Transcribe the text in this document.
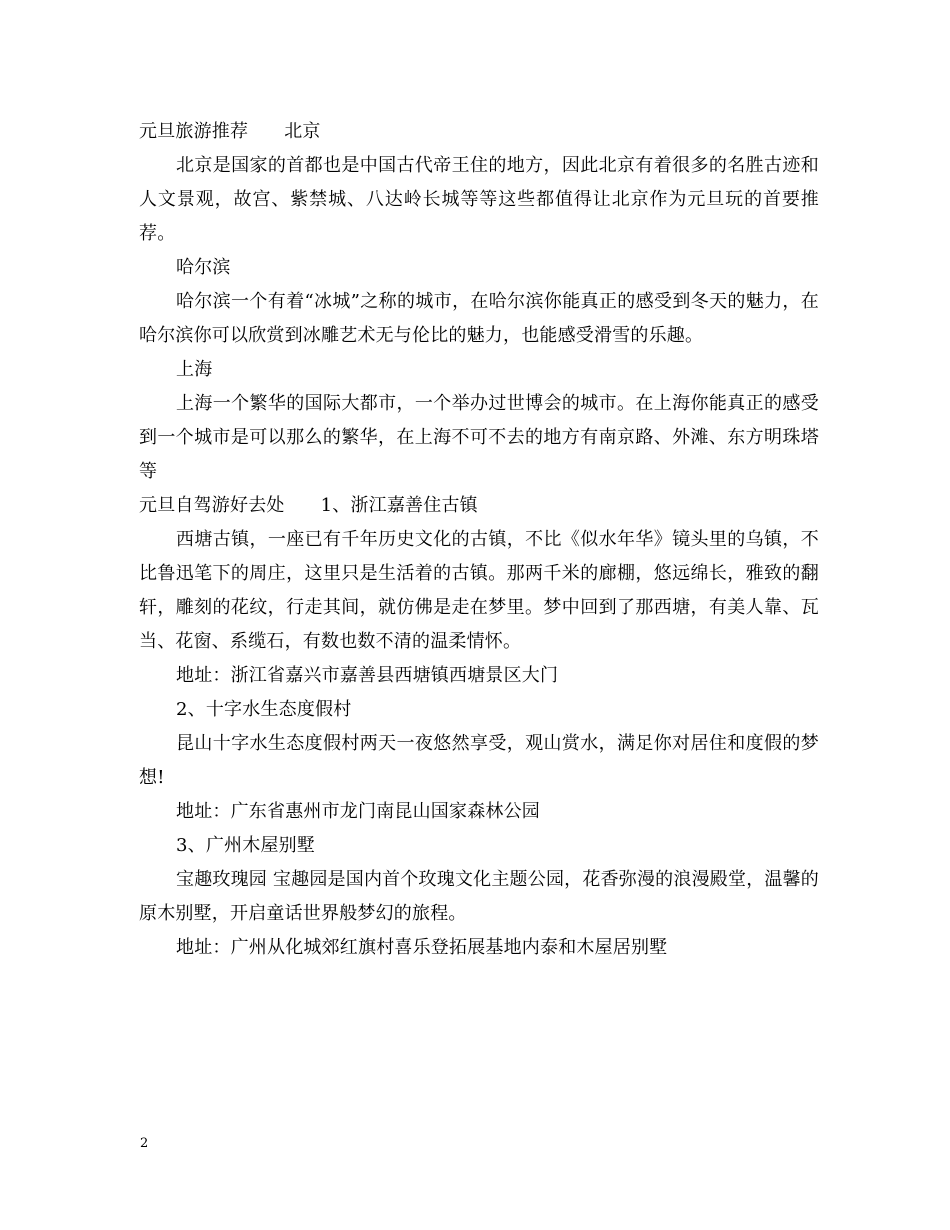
元旦旅游推荐 北京

北京是国家的首都也是中国古代帝王住的地方，因此北京有着很多的名胜古迹和人文景观，故宫、紫禁城、八达岭长城等等这些都值得让北京作为元旦玩的首要推荐。

哈尔滨

哈尔滨一个有着“冰城”之称的城市，在哈尔滨你能真正的感受到冬天的魅力，在哈尔滨你可以欣赏到冰雕艺术无与伦比的魅力，也能感受滑雪的乐趣。

上海

上海一个繁华的国际大都市，一个举办过世博会的城市。在上海你能真正的感受到一个城市是可以那么的繁华，在上海不可不去的地方有南京路、外滩、东方明珠塔等

元旦自驾游好去处 1、浙江嘉善住古镇

西塘古镇，一座已有千年历史文化的古镇，不比《似水年华》镜头里的乌镇，不比鲁迅笔下的周庄，这里只是生活着的古镇。那两千米的廊棚，悠远绵长，雅致的翻轩，雕刻的花纹，行走其间，就仿佛是走在梦里。梦中回到了那西塘，有美人靠、瓦当、花窗、系缆石，有数也数不清的温柔情怀。

地址：浙江省嘉兴市嘉善县西塘镇西塘景区大门

2、十字水生态度假村

昆山十字水生态度假村两天一夜悠然享受，观山赏水，满足你对居住和度假的梦想!

地址：广东省惠州市龙门南昆山国家森林公园

3、广州木屋别墅

宝趣玫瑰园 宝趣园是国内首个玫瑰文化主题公园，花香弥漫的浪漫殿堂，温馨的原木别墅，开启童话世界般梦幻的旅程。

地址：广州从化城郊红旗村喜乐登拓展基地内泰和木屋居别墅

2
